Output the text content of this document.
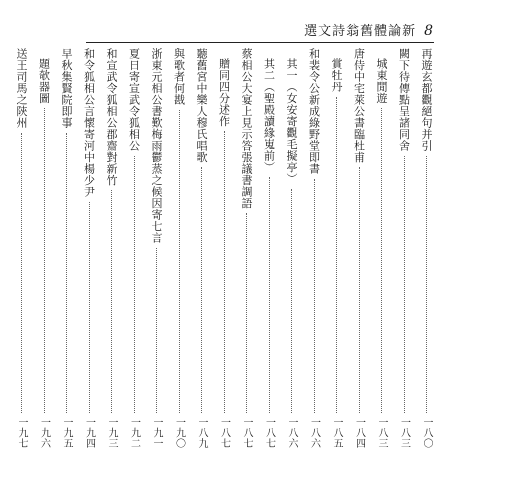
選文詩翁舊體論新 8
再遊玄都觀絕句并引
一八〇
闕下待傳點呈諸同舍
一八三
城東閒遊
一八三
唐侍中宅萊公書臨杜甫
一八四
賞牡丹
一八五
和裴令公新成綠野堂即書
一八六
其一（女安寄觀毛擬亭）
一八六
其二（聖殿讀緣嵬前）
一八七
蔡相公大宴上見示答張議書調語
一八七
贈同四分述作
一八七
聽舊宮中樂人穆氏唱歌
一八九
與歌者何戡
一九〇
浙東元相公書歎梅雨鬱蒸之候因寄七言
一九一
夏日寄宣武令狐相公
一九二
和宣武令狐相公郡齋對新竹
一九三
和令狐相公言懷寄河中楊少尹
一九四
早秋集賢院即事
一九五
題欹器圖
一九六
送王司馬之陝州
一九七
